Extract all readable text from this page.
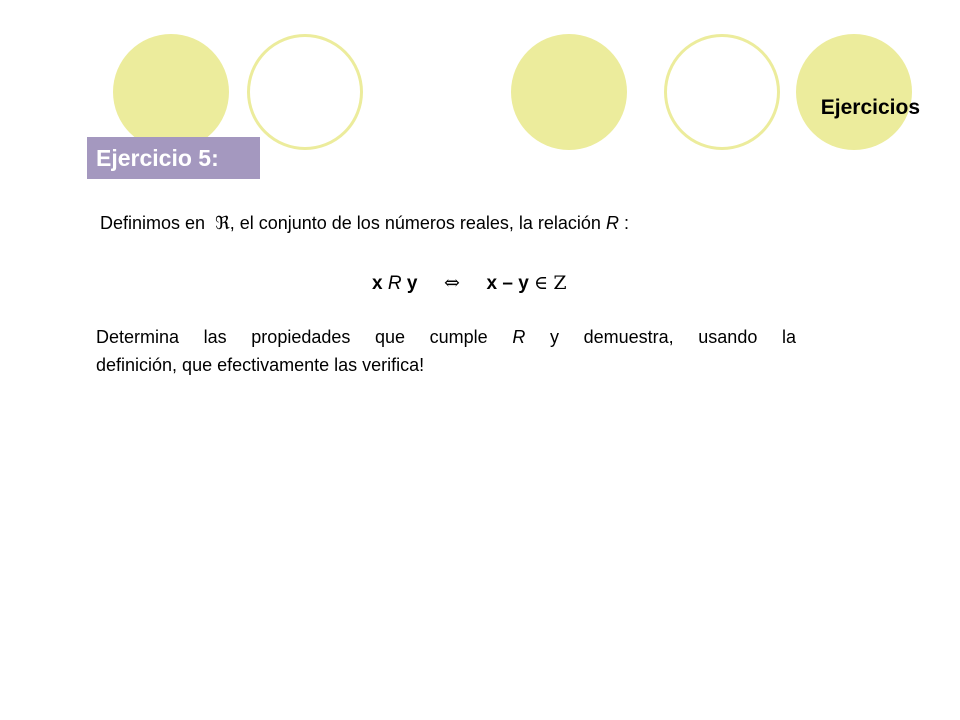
Ejercicios
Ejercicio 5:
Definimos en ℜ, el conjunto de los números reales, la relación R :
x R y ⇔ x – y ∈ Z
Determina las propiedades que cumple R y demuestra, usando la
definición, que efectivamente las verifica!
